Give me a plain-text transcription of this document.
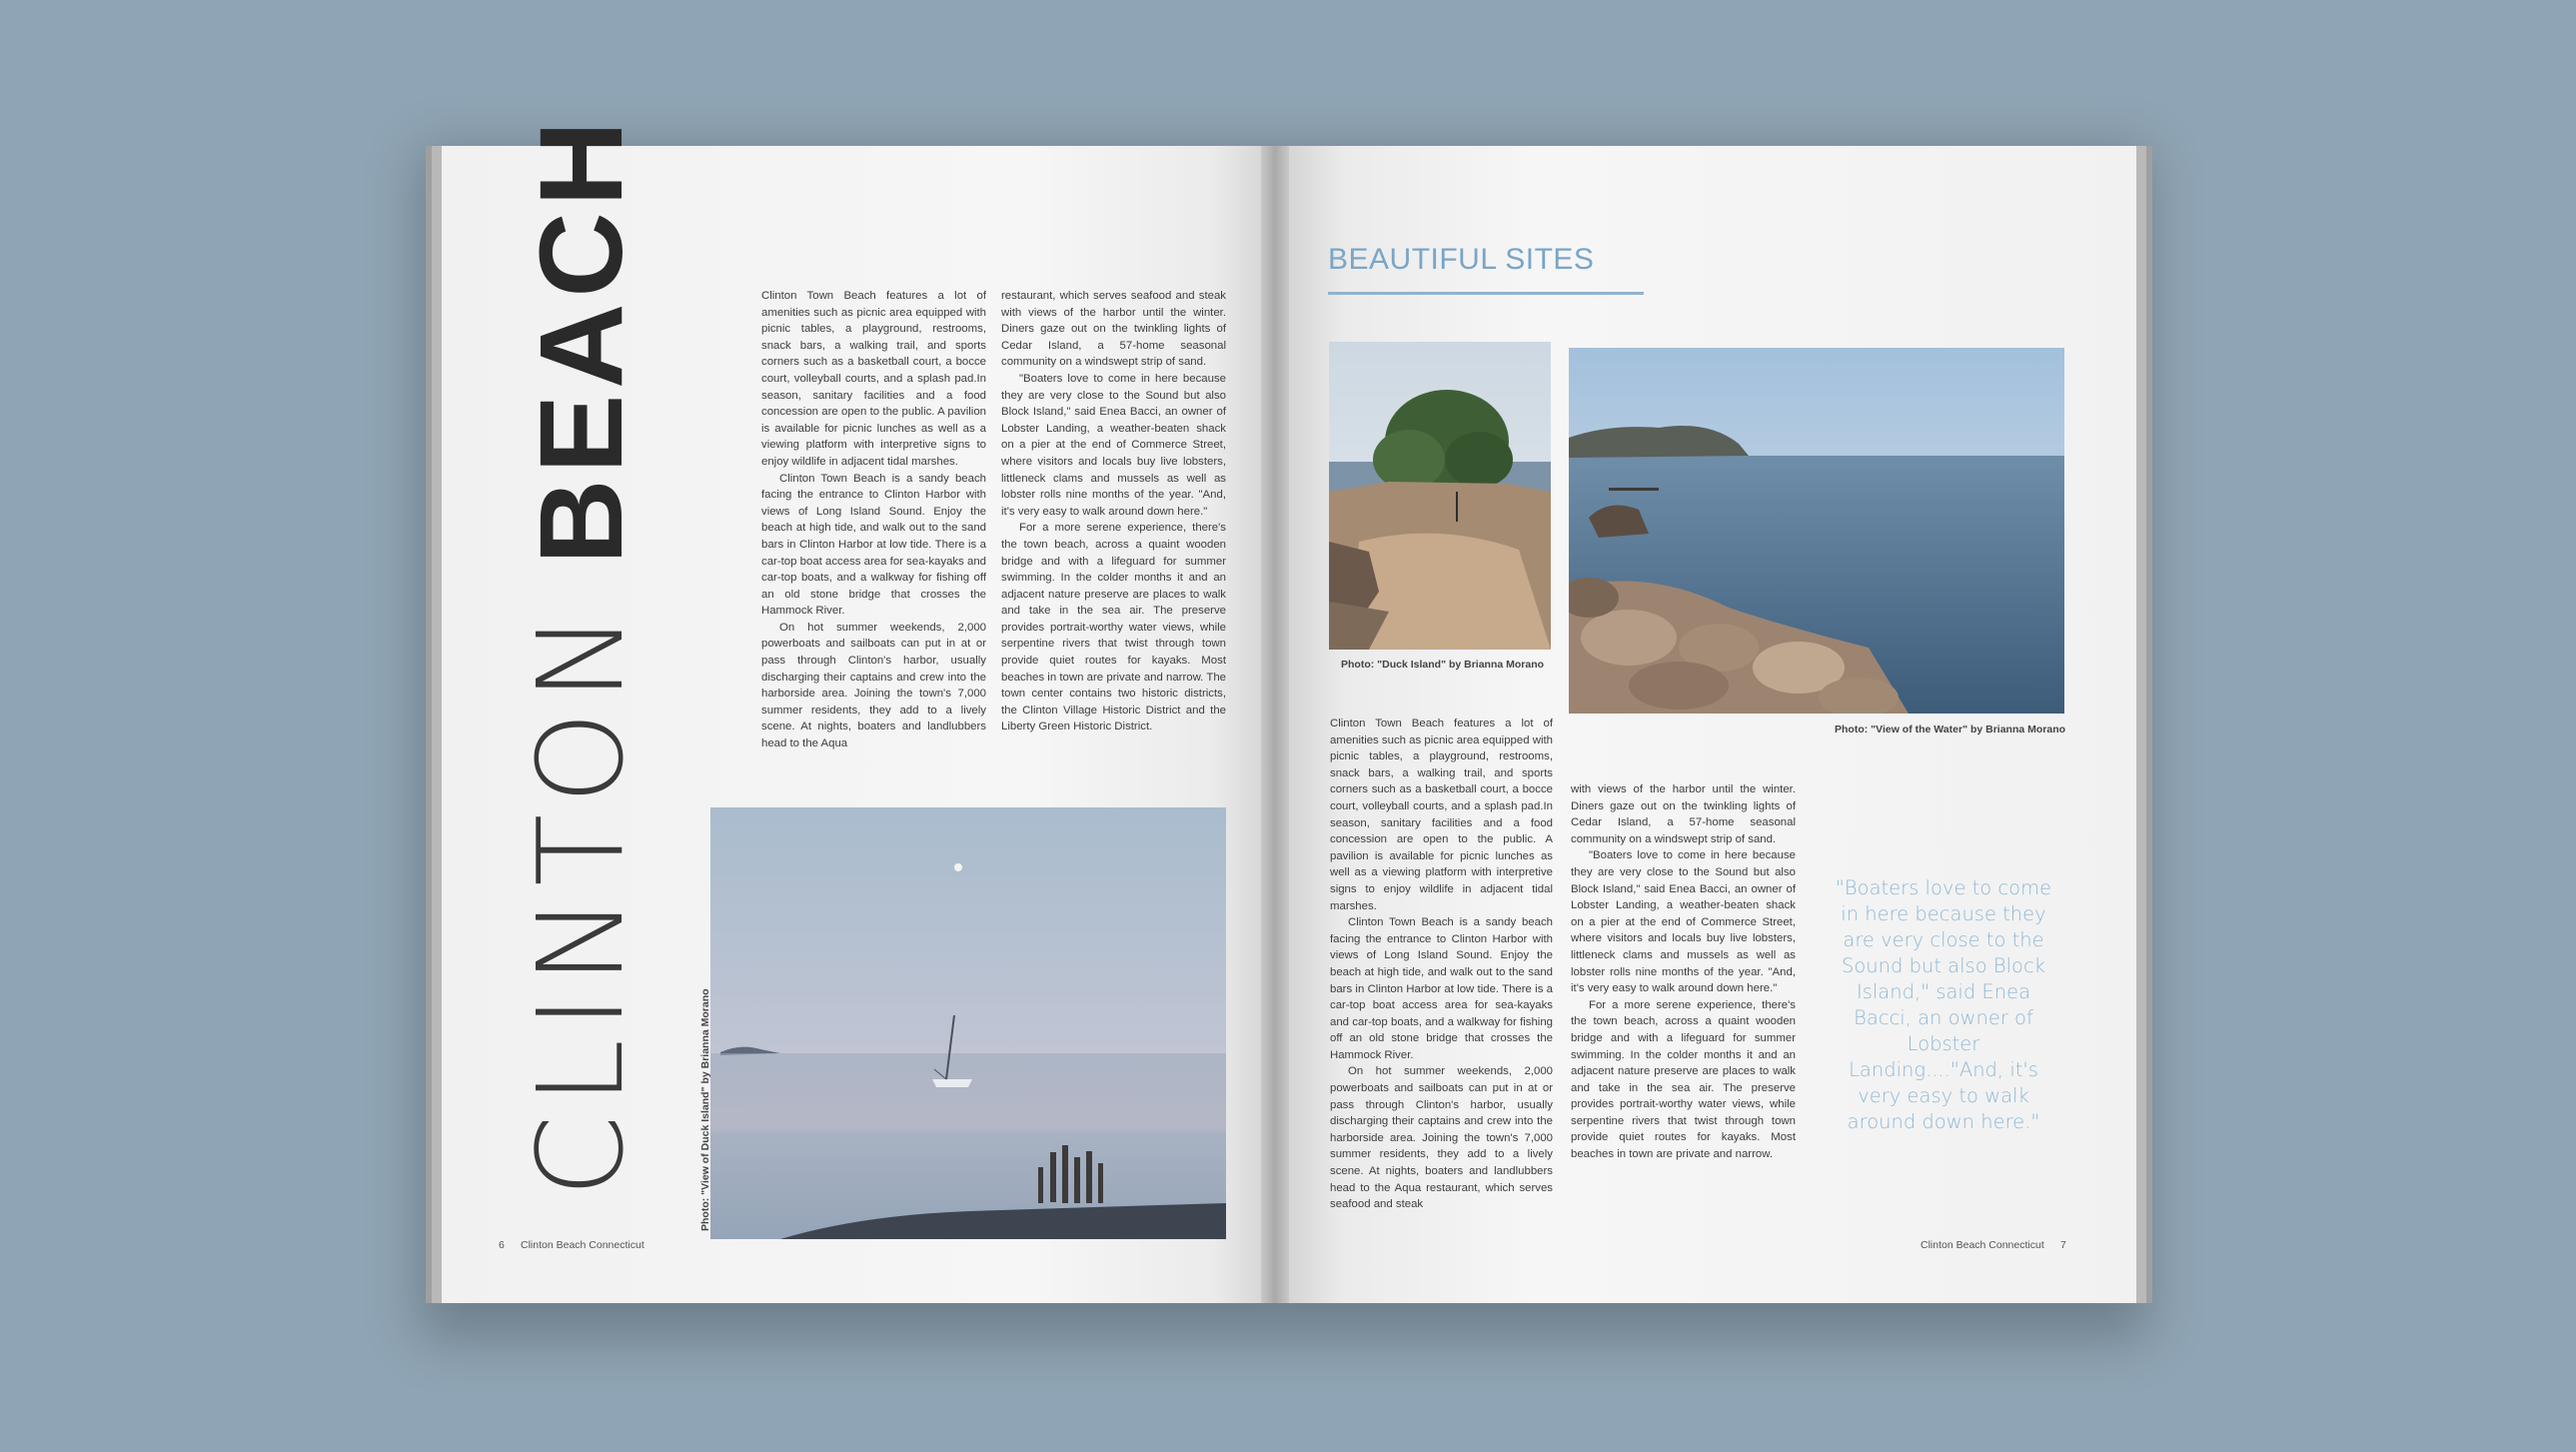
CLINTON BEACH	Clinton Town Beach features a lot of amenities such as picnic area equipped with picnic tables, a playground, restrooms, snack bars, a walking trail, and sports corners such as a basketball court, a bocce court, volleyball courts, and a splash pad.In season, sanitary facilities and a food concession are open to the public. A pavilion is available for picnic lunches as well as a viewing platform with interpretive signs to enjoy wildlife in adjacent tidal marshes.

Clinton Town Beach is a sandy beach facing the entrance to Clinton Harbor with views of Long Island Sound. Enjoy the beach at high tide, and walk out to the sand bars in Clinton Harbor at low tide. There is a car-top boat access area for sea-kayaks and car-top boats, and a walkway for fishing off an old stone bridge that crosses the Hammock River.

On hot summer weekends, 2,000 powerboats and sailboats can put in at or pass through Clinton's harbor, usually discharging their captains and crew into the harborside area. Joining the town's 7,000 summer residents, they add to a lively scene. At nights, boaters and landlubbers head to the Aqua

restaurant, which serves seafood and steak with views of the harbor until the winter. Diners gaze out on the twinkling lights of Cedar Island, a 57-home seasonal community on a windswept strip of sand.

"Boaters love to come in here because they are very close to the Sound but also Block Island," said Enea Bacci, an owner of Lobster Landing, a weather-beaten shack on a pier at the end of Commerce Street, where visitors and locals buy live lobsters, littleneck clams and mussels as well as lobster rolls nine months of the year. "And, it's very easy to walk around down here."

For a more serene experience, there's the town beach, across a quaint wooden bridge and with a lifeguard for summer swimming. In the colder months it and an adjacent nature preserve are places to walk and take in the sea air. The preserve provides portrait-worthy water views, while serpentine rivers that twist through town provide quiet routes for kayaks. Most beaches in town are private and narrow. The town center contains two historic districts, the Clinton Village Historic District and the Liberty Green Historic District.

Photo: "View of Duck Island" by Brianna Morano
6 Clinton Beach Connecticut
BEAUTIFUL SITES
Photo: "Duck Island" by Brianna Morano
Photo: "View of the Water" by Brianna Morano

Clinton Town Beach features a lot of amenities such as picnic area equipped with picnic tables, a playground, restrooms, snack bars, a walking trail, and sports corners such as a basketball court, a bocce court, volleyball courts, and a splash pad.In season, sanitary facilities and a food concession are open to the public. A pavilion is available for picnic lunches as well as a viewing platform with interpretive signs to enjoy wildlife in adjacent tidal marshes.

Clinton Town Beach is a sandy beach facing the entrance to Clinton Harbor with views of Long Island Sound. Enjoy the beach at high tide, and walk out to the sand bars in Clinton Harbor at low tide. There is a car-top boat access area for sea-kayaks and car-top boats, and a walkway for fishing off an old stone bridge that crosses the Hammock River.

On hot summer weekends, 2,000 powerboats and sailboats can put in at or pass through Clinton's harbor, usually discharging their captains and crew into the harborside area. Joining the town's 7,000 summer residents, they add to a lively scene. At nights, boaters and landlubbers head to the Aqua restaurant, which serves seafood and steak

with views of the harbor until the winter. Diners gaze out on the twinkling lights of Cedar Island, a 57-home seasonal community on a windswept strip of sand.

"Boaters love to come in here because they are very close to the Sound but also Block Island," said Enea Bacci, an owner of Lobster Landing, a weather-beaten shack on a pier at the end of Commerce Street, where visitors and locals buy live lobsters, littleneck clams and mussels as well as lobster rolls nine months of the year. "And, it's very easy to walk around down here."

For a more serene experience, there's the town beach, across a quaint wooden bridge and with a lifeguard for summer swimming. In the colder months it and an adjacent nature preserve are places to walk and take in the sea air. The preserve provides portrait-worthy water views, while serpentine rivers that twist through town provide quiet routes for kayaks. Most beaches in town are private and narrow.

"Boaters love to come in here because they are very close to the Sound but also Block Island," said Enea Bacci, an owner of Lobster Landing...."And, it's very easy to walk around down here."
Clinton Beach Connecticut 7
